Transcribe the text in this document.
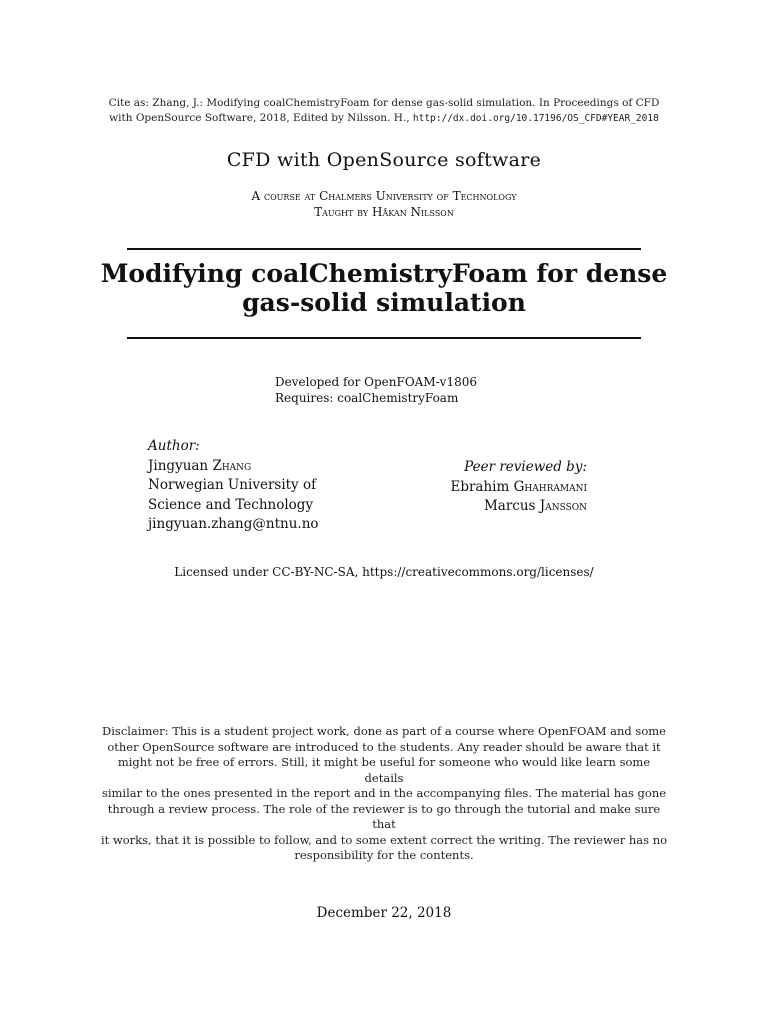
Cite as: Zhang, J.: Modifying coalChemistryFoam for dense gas-solid simulation. In Proceedings of CFD
with OpenSource Software, 2018, Edited by Nilsson. H., http://dx.doi.org/10.17196/OS_CFD#YEAR_2018
CFD with OpenSource software
A course at Chalmers University of Technology
Taught by Håkan Nilsson
Modifying coalChemistryFoam for dense
gas-solid simulation
Developed for OpenFOAM-v1806
Requires: coalChemistryFoam
Author:
Jingyuan Zhang
Norwegian University of
Science and Technology
jingyuan.zhang@ntnu.no
Peer reviewed by:
Ebrahim Ghahramani
Marcus Jansson
Licensed under CC-BY-NC-SA, https://creativecommons.org/licenses/
Disclaimer: This is a student project work, done as part of a course where OpenFOAM and some
other OpenSource software are introduced to the students. Any reader should be aware that it
might not be free of errors. Still, it might be useful for someone who would like learn some details
similar to the ones presented in the report and in the accompanying files. The material has gone
through a review process. The role of the reviewer is to go through the tutorial and make sure that
it works, that it is possible to follow, and to some extent correct the writing. The reviewer has no
responsibility for the contents.
December 22, 2018
